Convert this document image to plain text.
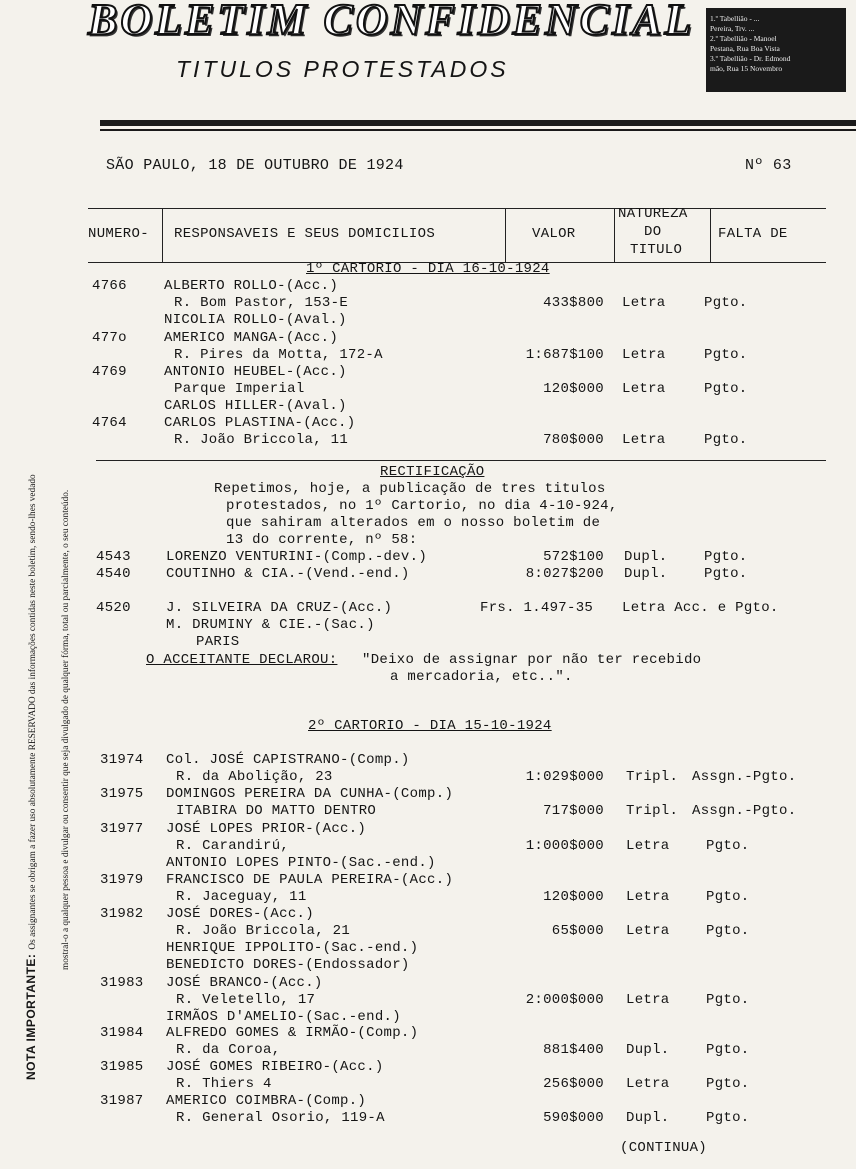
BOLETIM CONFIDENCIAL
TITULOS PROTESTADOS
1.º Tabellião - ...
Pereira, Trv. ...
2.º Tabellião - Manoel
Pestana, Rua Boa Vista
3.º Tabellião - Dr. Edmond
mão, Rua 15 Novembro

NOTA IMPORTANTE:Os assignantes se obrigam a fazer uso absolutamente RESERVADO das informações contidas neste boletim, sendo-lhes vedado

mostral-o a qualquer pessoa e divulgar ou consentir que seja divulgado de qualquer fórma, total ou parcialmente, o seu conteúdo.

SÃO PAULO, 18 DE OUTUBRO DE 1924	Nº 63
NUMERO- RESPONSAVEIS E SEUS DOMICILIOS	VALOR
NATUREZA
DO
TITULO
FALTA DE
1º CARTORIO - DIA 16-10-1924
4766	ALBERTO ROLLO-(Acc.)
R. Bom Pastor, 153-E
NICOLIA ROLLO-(Aval.)
433$800 Letra	Pgto.
477o	AMERICO MANGA-(Acc.)
R. Pires da Motta, 172-A	1:687$100 Letra	Pgto.
4769	ANTONIO HEUBEL-(Acc.)
Parque Imperial
CARLOS HILLER-(Aval.)
120$000 Letra	Pgto.
4764	CARLOS PLASTINA-(Acc.)
R. João Briccola, 11	780$000 Letra	Pgto.
RECTIFICAÇÃO
Repetimos, hoje, a publicação de tres titulos
protestados, no 1º Cartorio, no dia 4-10-924,
que sahiram alterados em o nosso boletim de
13 do corrente, nº 58:
4543	LORENZO VENTURINI-(Comp.-dev.)	572$100 Dupl.	Pgto.
4540	COUTINHO & CIA.-(Vend.-end.)	8:027$200 Dupl.	Pgto.
4520	J. SILVEIRA DA CRUZ-(Acc.)
M. DRUMINY & CIE.-(Sac.)
PARIS
Frs. 1.497-35 Letra Acc. e Pgto.
O ACCEITANTE DECLAROU: "Deixo de assignar por não ter recebido
a mercadoria, etc..".
2º CARTORIO - DIA 15-10-1924
31974 Col. JOSÉ CAPISTRANO-(Comp.)
R. da Abolição, 23	1:029$000 Tripl. Assgn.-Pgto.
31975 DOMINGOS PEREIRA DA CUNHA-(Comp.)
ITABIRA DO MATTO DENTRO	717$000 Tripl. Assgn.-Pgto.
31977 JOSÉ LOPES PRIOR-(Acc.)
R. Carandirú,
ANTONIO LOPES PINTO-(Sac.-end.)
1:000$000 Letra	Pgto.
31979 FRANCISCO DE PAULA PEREIRA-(Acc.)
R. Jaceguay, 11	120$000 Letra	Pgto.
31982 JOSÉ DORES-(Acc.)
R. João Briccola, 21
HENRIQUE IPPOLITO-(Sac.-end.)
BENEDICTO DORES-(Endossador)
65$000 Letra	Pgto.
31983 JOSÉ BRANCO-(Acc.)
R. Veletello, 17
IRMÃOS D'AMELIO-(Sac.-end.)
2:000$000 Letra	Pgto.
31984 ALFREDO GOMES & IRMÃO-(Comp.)
R. da Coroa,	881$400 Dupl.	Pgto.
31985 JOSÉ GOMES RIBEIRO-(Acc.)
R. Thiers 4	256$000 Letra	Pgto.
31987 AMERICO COIMBRA-(Comp.)
R. General Osorio, 119-A	590$000 Dupl.	Pgto.
(CONTINUA)
